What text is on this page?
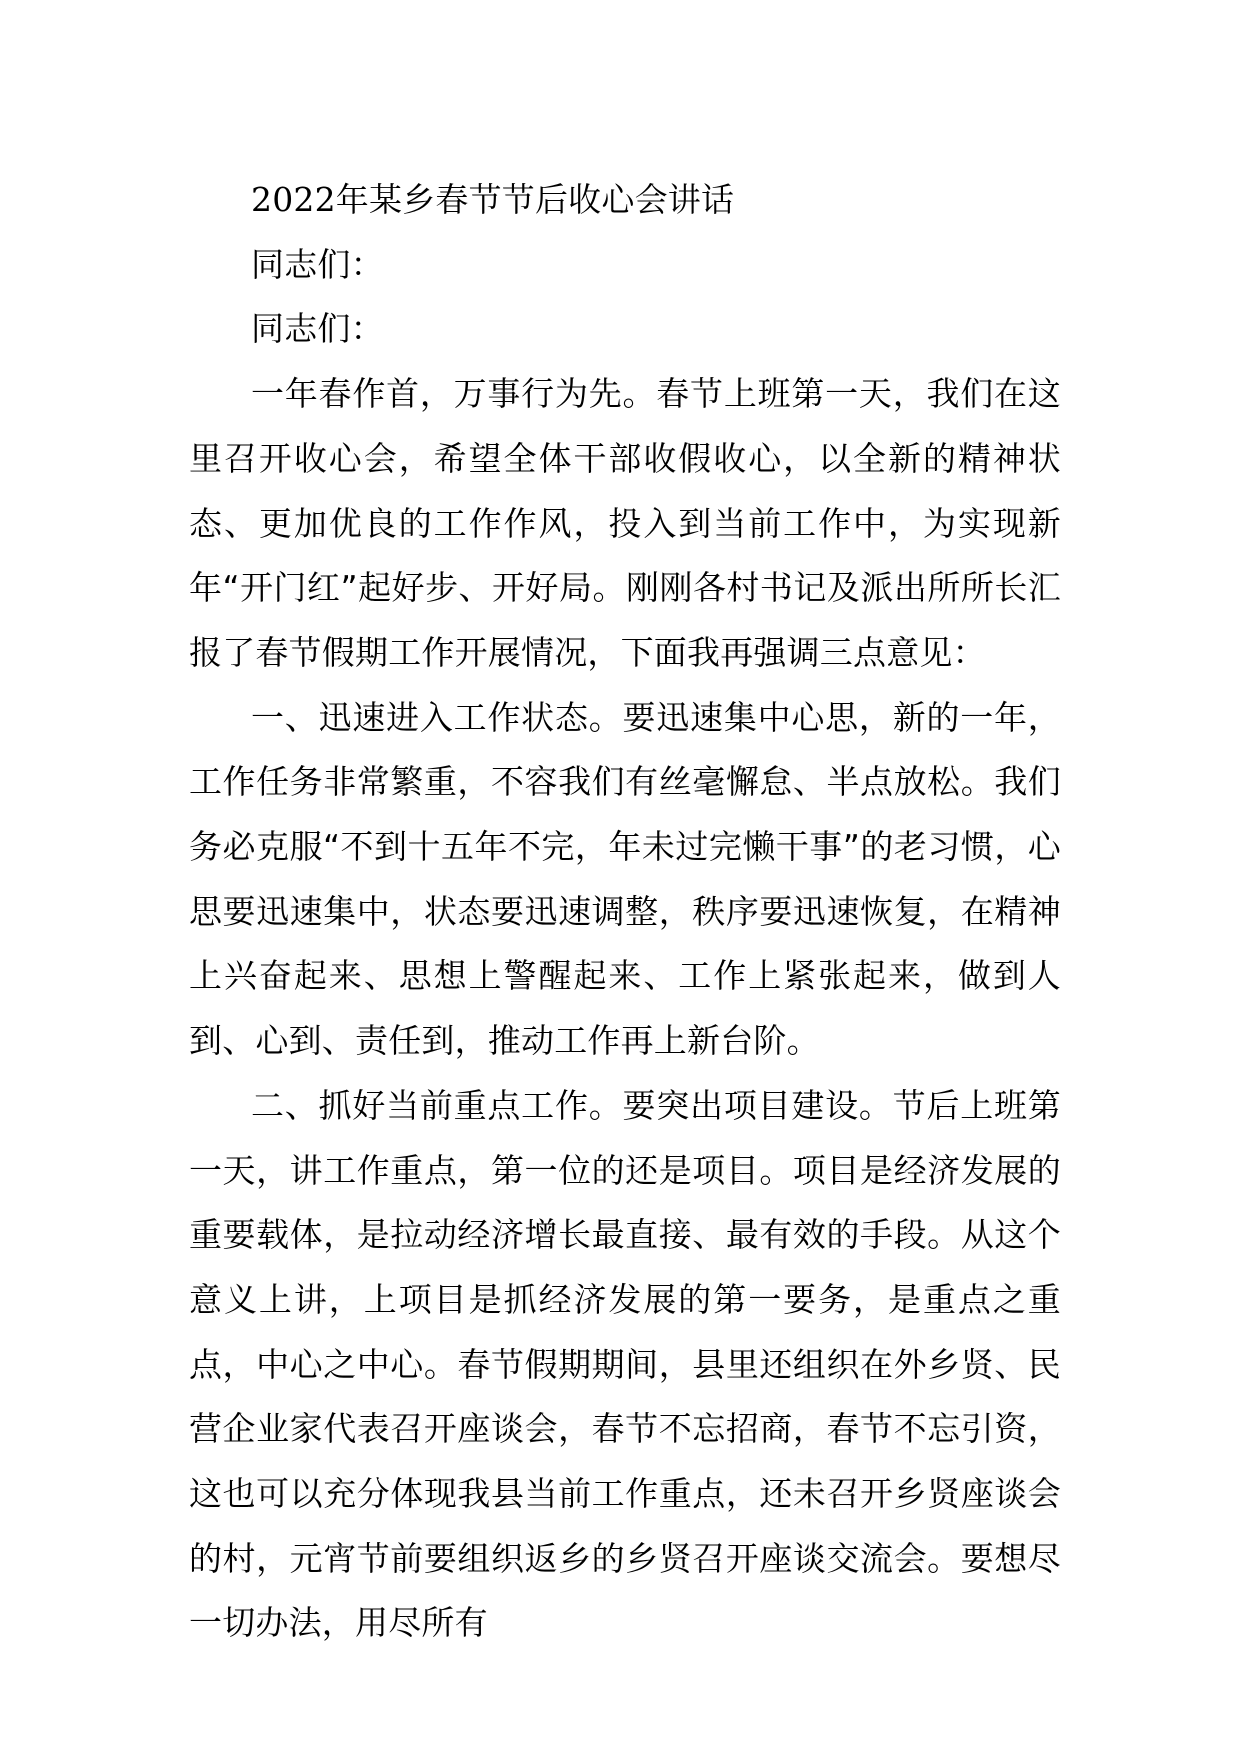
2022年某乡春节节后收心会讲话

同志们：

同志们：

一年春作首，万事行为先。春节上班第一天，我们在这里召开收心会，希望全体干部收假收心，以全新的精神状态、更加优良的工作作风，投入到当前工作中，为实现新年“开门红”起好步、开好局。刚刚各村书记及派出所所长汇报了春节假期工作开展情况，下面我再强调三点意见：

一、迅速进入工作状态。要迅速集中心思，新的一年，工作任务非常繁重，不容我们有丝毫懈怠、半点放松。我们务必克服“不到十五年不完，年未过完懒干事”的老习惯，心思要迅速集中，状态要迅速调整，秩序要迅速恢复，在精神上兴奋起来、思想上警醒起来、工作上紧张起来，做到人到、心到、责任到，推动工作再上新台阶。

二、抓好当前重点工作。要突出项目建设。节后上班第一天，讲工作重点，第一位的还是项目。项目是经济发展的重要载体，是拉动经济增长最直接、最有效的手段。从这个意义上讲，上项目是抓经济发展的第一要务，是重点之重点，中心之中心。春节假期期间，县里还组织在外乡贤、民营企业家代表召开座谈会，春节不忘招商，春节不忘引资，这也可以充分体现我县当前工作重点，还未召开乡贤座谈会的村，元宵节前要组织返乡的乡贤召开座谈交流会。要想尽一切办法，用尽所有
